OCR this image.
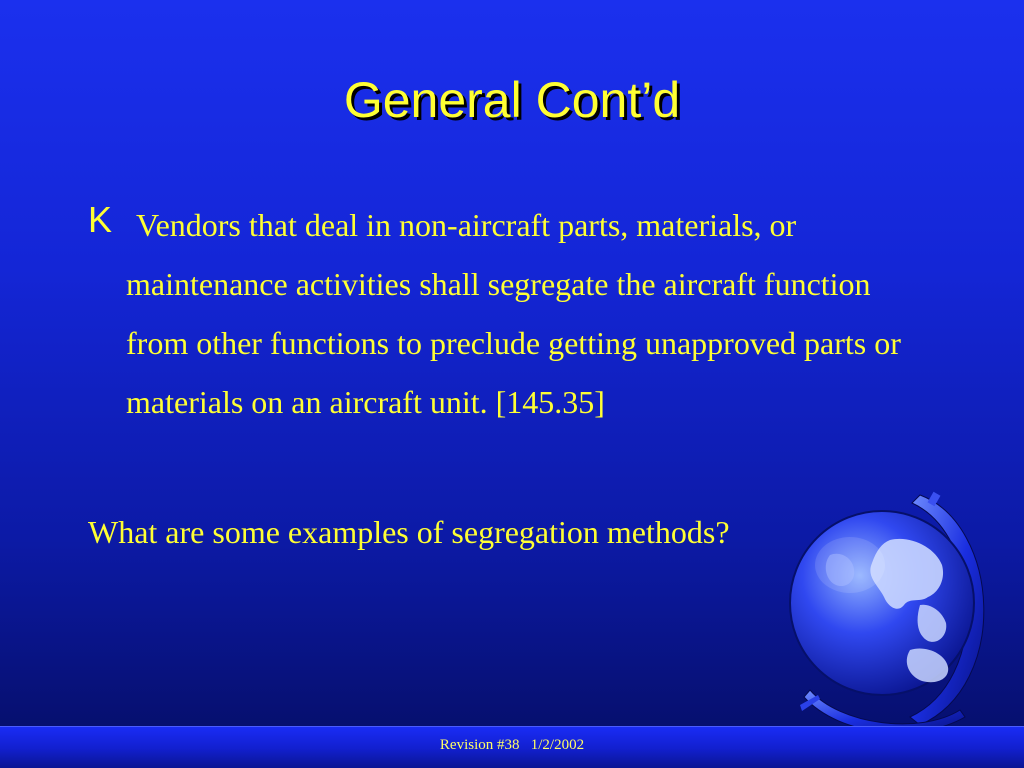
General Cont’d
K Vendors that deal in non-aircraft parts, materials, or maintenance activities shall segregate the aircraft function from other functions to preclude getting unapproved parts or materials on an aircraft unit. [145.35]
What are some examples of segregation methods?
Revision #38   1/2/2002
